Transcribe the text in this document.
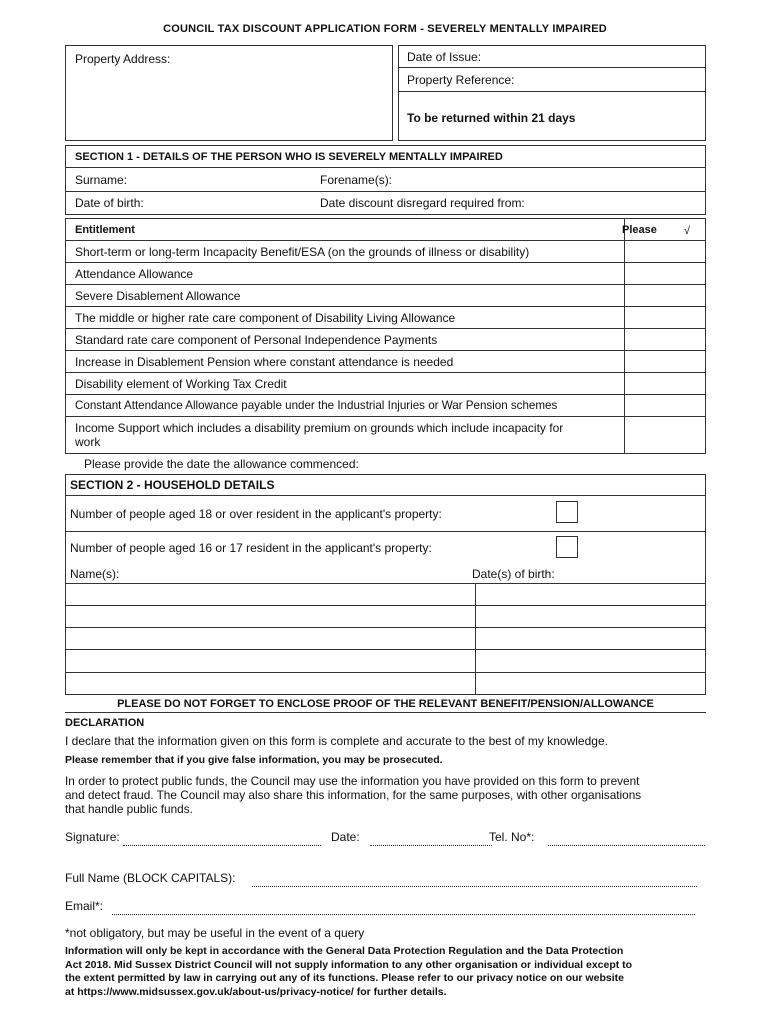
COUNCIL TAX DISCOUNT APPLICATION FORM - SEVERELY MENTALLY IMPAIRED
Property Address:	Date of Issue:
Property Reference:
To be returned within 21 days
SECTION 1 - DETAILS OF THE PERSON WHO IS SEVERELY MENTALLY IMPAIRED
Surname:	Forename(s):
Date of birth:	Date discount disregard required from:
Entitlement	Please √
Short-term or long-term Incapacity Benefit/ESA (on the grounds of illness or disability)
Attendance Allowance
Severe Disablement Allowance
The middle or higher rate care component of Disability Living Allowance
Standard rate care component of Personal Independence Payments
Increase in Disablement Pension where constant attendance is needed
Disability element of Working Tax Credit
Constant Attendance Allowance payable under the Industrial Injuries or War Pension schemes
Income Support which includes a disability premium on grounds which include incapacity for
work
Please provide the date the allowance commenced:
SECTION 2 - HOUSEHOLD DETAILS
Number of people aged 18 or over resident in the applicant's property:
Number of people aged 16 or 17 resident in the applicant's property:
Name(s):	Date(s) of birth:
PLEASE DO NOT FORGET TO ENCLOSE PROOF OF THE RELEVANT BENEFIT/PENSION/ALLOWANCE
DECLARATION
I declare that the information given on this form is complete and accurate to the best of my knowledge.
Please remember that if you give false information, you may be prosecuted.
In order to protect public funds, the Council may use the information you have provided on this form to prevent
and detect fraud. The Council may also share this information, for the same purposes, with other organisations
that handle public funds.
Signature:	Date:	Tel. No*:
Full Name (BLOCK CAPITALS):
Email*:
*not obligatory, but may be useful in the event of a query
Information will only be kept in accordance with the General Data Protection Regulation and the Data Protection
Act 2018. Mid Sussex District Council will not supply information to any other organisation or individual except to
the extent permitted by law in carrying out any of its functions. Please refer to our privacy notice on our website
at https://www.midsussex.gov.uk/about-us/privacy-notice/ for further details.
